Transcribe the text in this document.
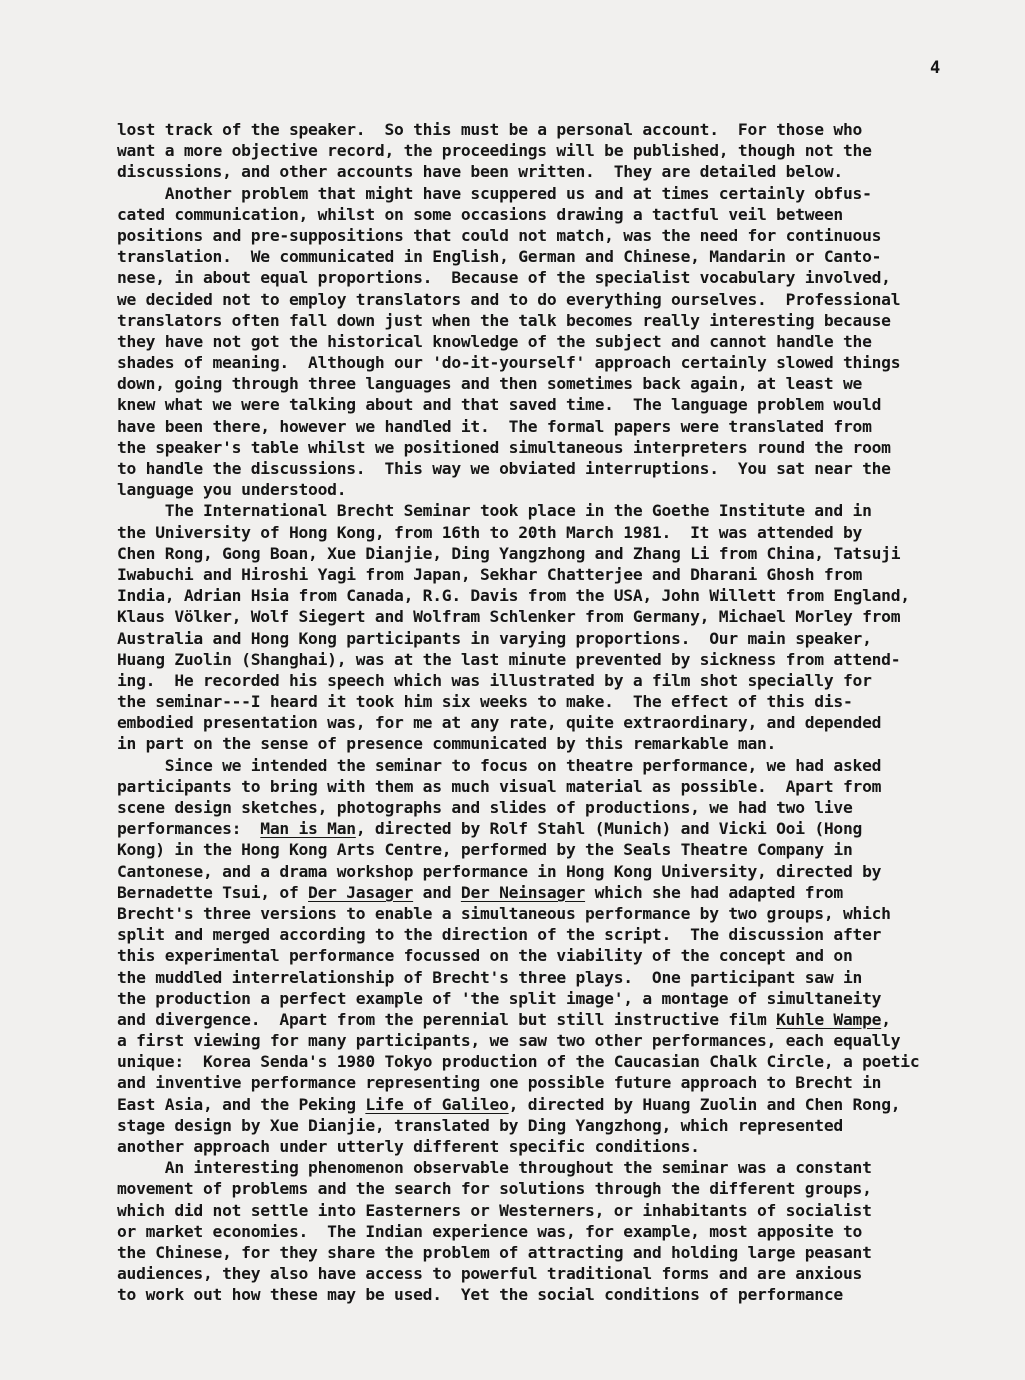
4
lost track of the speaker.  So this must be a personal account.  For those who
want a more objective record, the proceedings will be published, though not the
discussions, and other accounts have been written.  They are detailed below.
Another problem that might have scuppered us and at times certainly obfus-
cated communication, whilst on some occasions drawing a tactful veil between
positions and pre-suppositions that could not match, was the need for continuous
translation.  We communicated in English, German and Chinese, Mandarin or Canto-
nese, in about equal proportions.  Because of the specialist vocabulary involved,
we decided not to employ translators and to do everything ourselves.  Professional
translators often fall down just when the talk becomes really interesting because
they have not got the historical knowledge of the subject and cannot handle the
shades of meaning.  Although our 'do-it-yourself' approach certainly slowed things
down, going through three languages and then sometimes back again, at least we
knew what we were talking about and that saved time.  The language problem would
have been there, however we handled it.  The formal papers were translated from
the speaker's table whilst we positioned simultaneous interpreters round the room
to handle the discussions.  This way we obviated interruptions.  You sat near the
language you understood.
The International Brecht Seminar took place in the Goethe Institute and in
the University of Hong Kong, from 16th to 20th March 1981.  It was attended by
Chen Rong, Gong Boan, Xue Dianjie, Ding Yangzhong and Zhang Li from China, Tatsuji
Iwabuchi and Hiroshi Yagi from Japan, Sekhar Chatterjee and Dharani Ghosh from
India, Adrian Hsia from Canada, R.G. Davis from the USA, John Willett from England,
Klaus Völker, Wolf Siegert and Wolfram Schlenker from Germany, Michael Morley from
Australia and Hong Kong participants in varying proportions.  Our main speaker,
Huang Zuolin (Shanghai), was at the last minute prevented by sickness from attend-
ing.  He recorded his speech which was illustrated by a film shot specially for
the seminar---I heard it took him six weeks to make.  The effect of this dis-
embodied presentation was, for me at any rate, quite extraordinary, and depended
in part on the sense of presence communicated by this remarkable man.
Since we intended the seminar to focus on theatre performance, we had asked
participants to bring with them as much visual material as possible.  Apart from
scene design sketches, photographs and slides of productions, we had two live
performances:  Man is Man, directed by Rolf Stahl (Munich) and Vicki Ooi (Hong
Kong) in the Hong Kong Arts Centre, performed by the Seals Theatre Company in
Cantonese, and a drama workshop performance in Hong Kong University, directed by
Bernadette Tsui, of Der Jasager and Der Neinsager which she had adapted from
Brecht's three versions to enable a simultaneous performance by two groups, which
split and merged according to the direction of the script.  The discussion after
this experimental performance focussed on the viability of the concept and on
the muddled interrelationship of Brecht's three plays.  One participant saw in
the production a perfect example of 'the split image', a montage of simultaneity
and divergence.  Apart from the perennial but still instructive film Kuhle Wampe,
a first viewing for many participants, we saw two other performances, each equally
unique:  Korea Senda's 1980 Tokyo production of the Caucasian Chalk Circle, a poetic
and inventive performance representing one possible future approach to Brecht in
East Asia, and the Peking Life of Galileo, directed by Huang Zuolin and Chen Rong,
stage design by Xue Dianjie, translated by Ding Yangzhong, which represented
another approach under utterly different specific conditions.
An interesting phenomenon observable throughout the seminar was a constant
movement of problems and the search for solutions through the different groups,
which did not settle into Easterners or Westerners, or inhabitants of socialist
or market economies.  The Indian experience was, for example, most apposite to
the Chinese, for they share the problem of attracting and holding large peasant
audiences, they also have access to powerful traditional forms and are anxious
to work out how these may be used.  Yet the social conditions of performance
